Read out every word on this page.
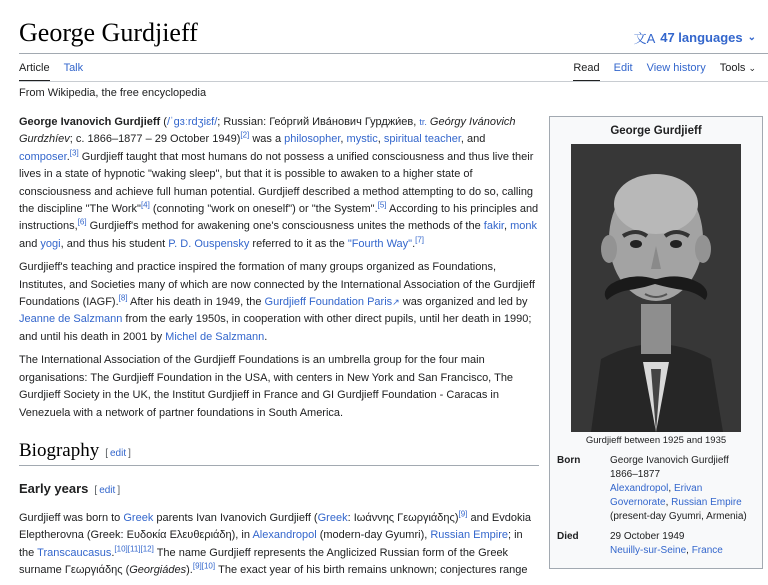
George Gurdjieff	文A 47 languages ⌄
Article Talk	Read Edit View history Tools ⌄
From Wikipedia, the free encyclopedia

George Ivanovich Gurdjieff (/ˈɡɜːrdʒiɛf/; Russian: Гео́ргий Ива́нович Гурджи́ев, tr. Geórgy Ivánovich Gurdzhíev; c. 1866–1877 – 29 October 1949)[2] was a philosopher, mystic, spiritual teacher, and composer.[3] Gurdjieff taught that most humans do not possess a unified consciousness and thus live their lives in a state of hypnotic "waking sleep", but that it is possible to awaken to a higher state of consciousness and achieve full human potential. Gurdjieff described a method attempting to do so, calling the discipline "The Work"[4] (connoting "work on oneself") or "the System".[5] According to his principles and instructions,[6] Gurdjieff's method for awakening one's consciousness unites the methods of the fakir, monk and yogi, and thus his student P. D. Ouspensky referred to it as the "Fourth Way".[7]

Gurdjieff's teaching and practice inspired the formation of many groups organized as Foundations, Institutes, and Societies many of which are now connected by the International Association of the Gurdjieff Foundations (IAGF).[8] After his death in 1949, the Gurdjieff Foundation Paris↗ was organized and led by Jeanne de Salzmann from the early 1950s, in cooperation with other direct pupils, until her death in 1990; and until his death in 2001 by Michel de Salzmann.

The International Association of the Gurdjieff Foundations is an umbrella group for the four main organisations: The Gurdjieff Foundation in the USA, with centers in New York and San Francisco, The Gurdjieff Society in the UK, the Institut Gurdjieff in France and GI Gurdjieff Foundation - Caracas in Venezuela with a network of partner foundations in South America.

Biography [ edit ]
Early years [ edit ]

Gurdjieff was born to Greek parents Ivan Ivanovich Gurdjieff (Greek: Ιωάννης Γεωργιάδης)[9] and Evdokia Eleptherovna (Greek: Ευδοκία Ελευθεριάδη), in Alexandropol (modern-day Gyumri), Russian Empire; in the Transcaucasus.[10][11][12] The name Gurdjieff represents the Anglicized Russian form of the Greek surname Γεωργιάδης (Georgiádes).[9][10] The exact year of his birth remains unknown; conjectures range

George Gurdjieff
Gurdjieff between 1925 and 1935
Born	George Ivanovich Gurdjieff
1866–1877
Alexandropol, Erivan Governorate, Russian Empire
(present-day Gyumri, Armenia)
Died	29 October 1949
Neuilly-sur-Seine, France
